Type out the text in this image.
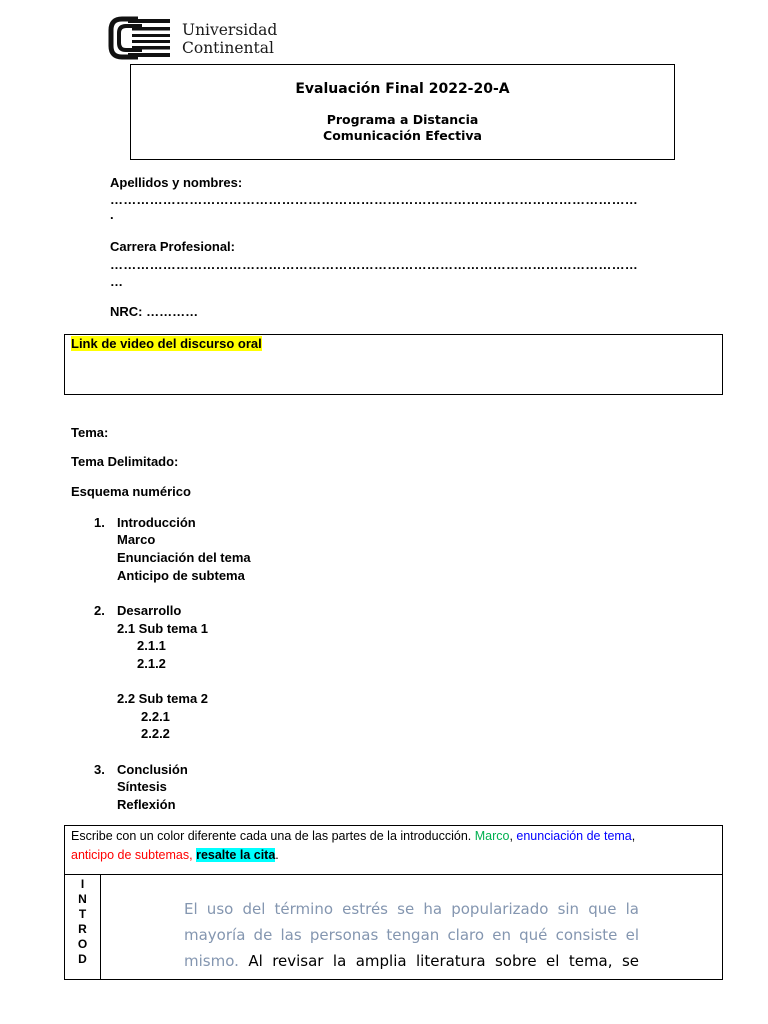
Universidad
Continental
Evaluación Final 2022-20-A
Programa a Distancia
Comunicación Efectiva
Apellidos y nombres:
…………………………………………………………………………………………………………
.
Carrera Profesional:
…………………………………………………………………………………………………………
…
NRC: …………
Link de video del discurso oral
Tema:
Tema Delimitado:
Esquema numérico
1. Introducción
Marco
Enunciación del tema
Anticipo de subtema
2. Desarrollo
2.1 Sub tema 1
2.1.1
2.1.2
2.2 Sub tema 2
2.2.1
2.2.2
3. Conclusión
Síntesis
Reflexión
Escribe con un color diferente cada una de las partes de la introducción. Marco, enunciación de tema,
anticipo de subtemas, resalte la cita.
I
N
T
R
O
D
El uso del término estrés se ha popularizado sin que la
mayoría de las personas tengan claro en qué consiste el
mismo. Al revisar la amplia literatura sobre el tema, se
